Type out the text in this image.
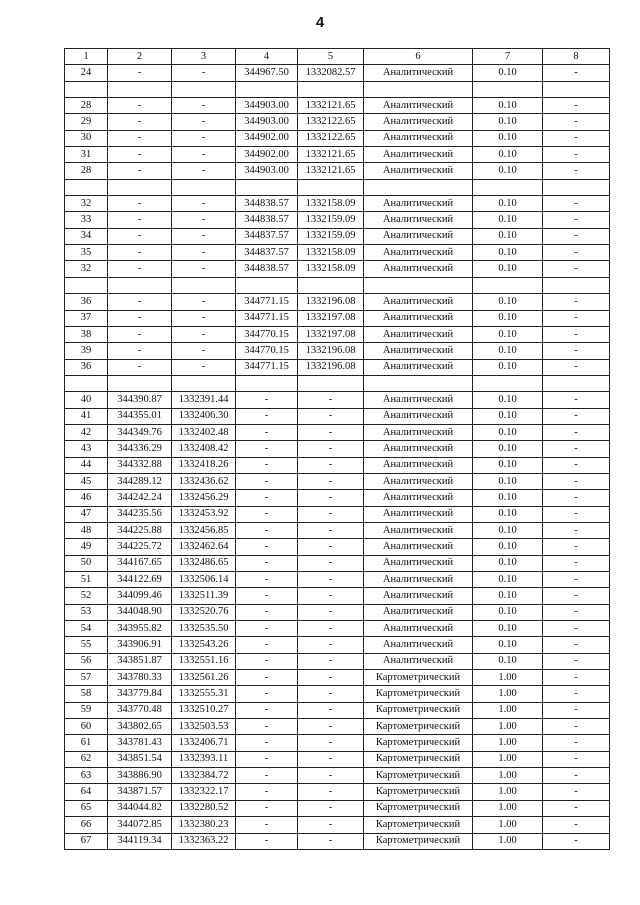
4
1	2	3	4	5	6	7	8
24	-	-	344967.50	1332082.57	Аналитический	0.10	-

28	-	-	344903.00	1332121.65	Аналитический	0.10	-
29	-	-	344903.00	1332122.65	Аналитический	0.10	-
30	-	-	344902.00	1332122.65	Аналитический	0.10	-
31	-	-	344902.00	1332121.65	Аналитический	0.10	-
28	-	-	344903.00	1332121.65	Аналитический	0.10	-

32	-	-	344838.57	1332158.09	Аналитический	0.10	-
33	-	-	344838.57	1332159.09	Аналитический	0.10	-
34	-	-	344837.57	1332159.09	Аналитический	0.10	-
35	-	-	344837.57	1332158.09	Аналитический	0.10	-
32	-	-	344838.57	1332158.09	Аналитический	0.10	-

36	-	-	344771.15	1332196.08	Аналитический	0.10	-
37	-	-	344771.15	1332197.08	Аналитический	0.10	-
38	-	-	344770.15	1332197.08	Аналитический	0.10	-
39	-	-	344770.15	1332196.08	Аналитический	0.10	-
36	-	-	344771.15	1332196.08	Аналитический	0.10	-

40	344390.87	1332391.44	-	-	Аналитический	0.10	-
41	344355.01	1332406.30	-	-	Аналитический	0.10	-
42	344349.76	1332402.48	-	-	Аналитический	0.10	-
43	344336.29	1332408.42	-	-	Аналитический	0.10	-
44	344332.88	1332418.26	-	-	Аналитический	0.10	-
45	344289.12	1332436.62	-	-	Аналитический	0.10	-
46	344242.24	1332456.29	-	-	Аналитический	0.10	-
47	344235.56	1332453.92	-	-	Аналитический	0.10	-
48	344225.88	1332456.85	-	-	Аналитический	0.10	-
49	344225.72	1332462.64	-	-	Аналитический	0.10	-
50	344167.65	1332486.65	-	-	Аналитический	0.10	-
51	344122.69	1332506.14	-	-	Аналитический	0.10	-
52	344099.46	1332511.39	-	-	Аналитический	0.10	-
53	344048.90	1332520.76	-	-	Аналитический	0.10	-
54	343955.82	1332535.50	-	-	Аналитический	0.10	-
55	343906.91	1332543.26	-	-	Аналитический	0.10	-
56	343851.87	1332551.16	-	-	Аналитический	0.10	-
57	343780.33	1332561.26	-	-	Картометрический	1.00	-
58	343779.84	1332555.31	-	-	Картометрический	1.00	-
59	343770.48	1332510.27	-	-	Картометрический	1.00	-
60	343802.65	1332503.53	-	-	Картометрический	1.00	-
61	343781.43	1332406.71	-	-	Картометрический	1.00	-
62	343851.54	1332393.11	-	-	Картометрический	1.00	-
63	343886.90	1332384.72	-	-	Картометрический	1.00	-
64	343871.57	1332322.17	-	-	Картометрический	1.00	-
65	344044.82	1332280.52	-	-	Картометрический	1.00	-
66	344072.85	1332380.23	-	-	Картометрический	1.00	-
67	344119.34	1332363.22	-	-	Картометрический	1.00	-
